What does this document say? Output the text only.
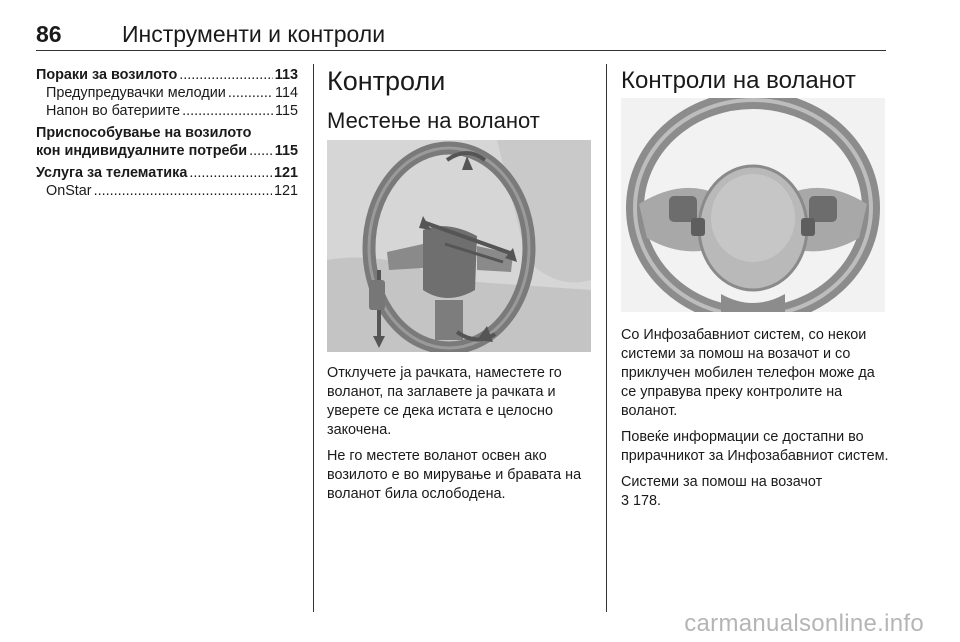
86	Инструменти и контроли
Пораки за возилото .....	113
Предупредувачки мелодии .....	114
Напон во батериите .....	115
Приспособување на возилото
кон индивидуалните потреби ..... 115
Услуга за телематика .....	121
OnStar .....	121
Контроли
Местење на воланот

Отклучете ја рачката, наместете го воланот, па заглавете ја рачката и уверете се дека истата е целосно закочена.

Не го местете воланот освен ако возилото е во мирување и бравата на воланот била ослободена.

Контроли на воланот

Со Инфозабавниот систем, со некои системи за помош на возачот и со приклучен мобилен телефон може да се управува преку контролите на воланот.

Повеќе информации се достапни во прирачникот за Инфозабавниот систем.

Системи за помош на возачот

3 178.

carmanualsonline.info
